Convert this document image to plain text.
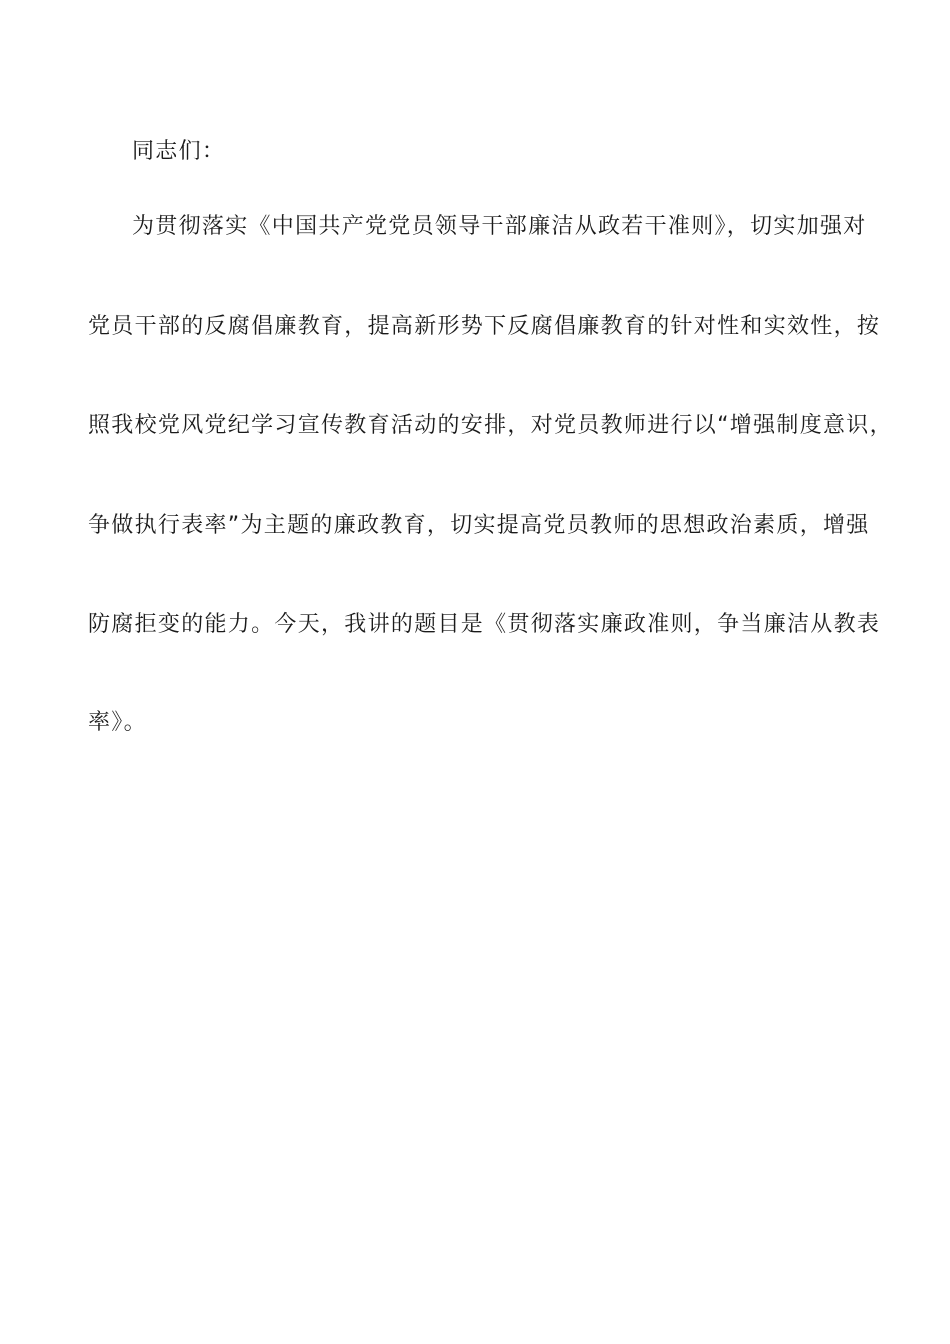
同志们：
为贯彻落实《中国共产党党员领导干部廉洁从政若干准则》，切实加强对
党员干部的反腐倡廉教育，提高新形势下反腐倡廉教育的针对性和实效性，按
照我校党风党纪学习宣传教育活动的安排，对党员教师进行以“增强制度意识，
争做执行表率”为主题的廉政教育，切实提高党员教师的思想政治素质，增强
防腐拒变的能力。今天，我讲的题目是《贯彻落实廉政准则，争当廉洁从教表
率》。
